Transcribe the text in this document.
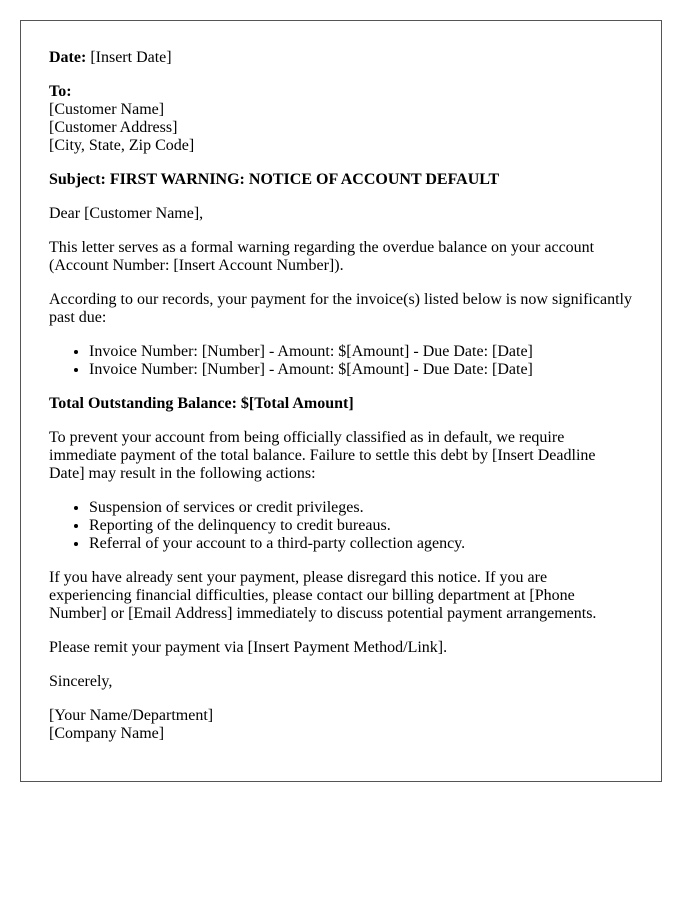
Date: [Insert Date]

To:
[Customer Name]
[Customer Address]
[City, State, Zip Code]

Subject: FIRST WARNING: NOTICE OF ACCOUNT DEFAULT

Dear [Customer Name],

This letter serves as a formal warning regarding the overdue balance on your account (Account Number: [Insert Account Number]).

According to our records, your payment for the invoice(s) listed below is now significantly past due:

• Invoice Number: [Number] - Amount: $[Amount] - Due Date: [Date]
• Invoice Number: [Number] - Amount: $[Amount] - Due Date: [Date]

Total Outstanding Balance: $[Total Amount]

To prevent your account from being officially classified as in default, we require immediate payment of the total balance. Failure to settle this debt by [Insert Deadline Date] may result in the following actions:

• Suspension of services or credit privileges.
• Reporting of the delinquency to credit bureaus.
• Referral of your account to a third-party collection agency.

If you have already sent your payment, please disregard this notice. If you are experiencing financial difficulties, please contact our billing department at [Phone Number] or [Email Address] immediately to discuss potential payment arrangements.

Please remit your payment via [Insert Payment Method/Link].

Sincerely,

[Your Name/Department]
[Company Name]
